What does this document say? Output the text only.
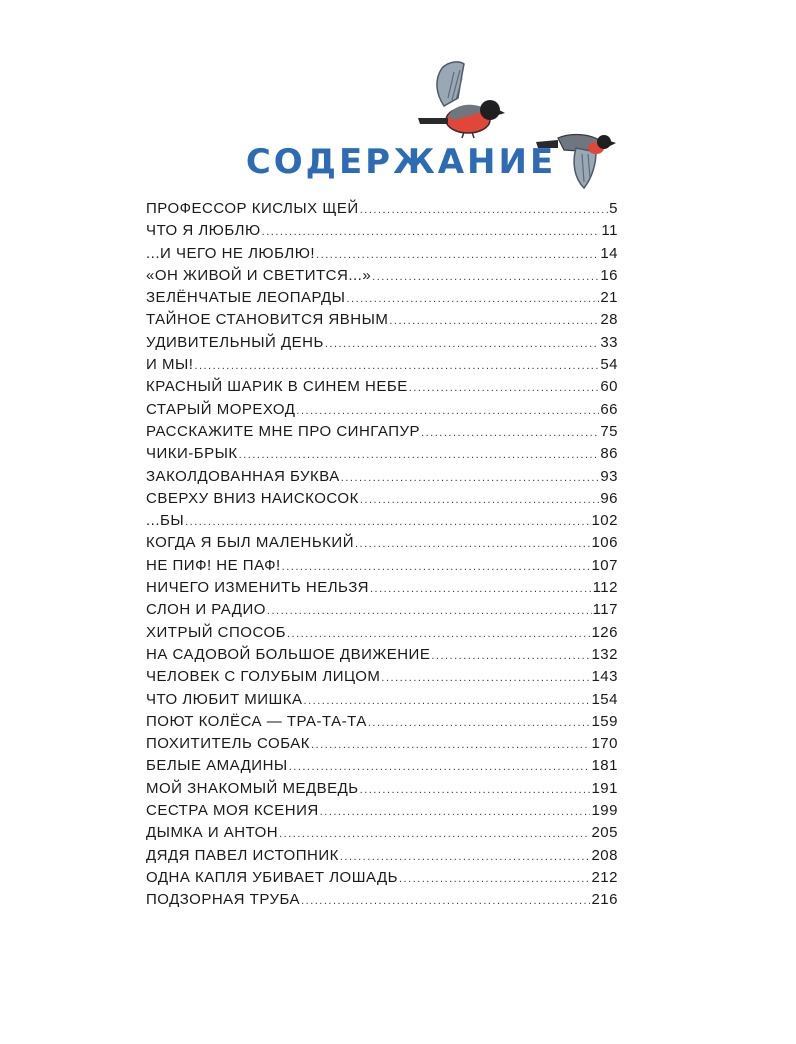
СОДЕРЖАНИЕ
ПРОФЕССОР КИСЛЫХ ЩЕЙ .....	5
ЧТО Я ЛЮБЛЮ .....	11
...И ЧЕГО НЕ ЛЮБЛЮ! .....	14
«ОН ЖИВОЙ И СВЕТИТСЯ...» .....	16
ЗЕЛЁНЧАТЫЕ ЛЕОПАРДЫ .....	21
ТАЙНОЕ СТАНОВИТСЯ ЯВНЫМ .....	28
УДИВИТЕЛЬНЫЙ ДЕНЬ .....	33
И МЫ! .....	54
КРАСНЫЙ ШАРИК В СИНЕМ НЕБЕ .....	60
СТАРЫЙ МОРЕХОД .....	66
РАССКАЖИТЕ МНЕ ПРО СИНГАПУР .....	75
ЧИКИ-БРЫК .....	86
ЗАКОЛДОВАННАЯ БУКВА .....	93
СВЕРХУ ВНИЗ НАИСКОСОК .....	96
...БЫ .....	102
КОГДА Я БЫЛ МАЛЕНЬКИЙ .....	106
НЕ ПИФ! НЕ ПАФ! .....	107
НИЧЕГО ИЗМЕНИТЬ НЕЛЬЗЯ .....	112
СЛОН И РАДИО .....	117
ХИТРЫЙ СПОСОБ .....	126
НА САДОВОЙ БОЛЬШОЕ ДВИЖЕНИЕ .....	132
ЧЕЛОВЕК С ГОЛУБЫМ ЛИЦОМ .....	143
ЧТО ЛЮБИТ МИШКА .....	154
ПОЮТ КОЛЁСА — ТРА-ТА-ТА .....	159
ПОХИТИТЕЛЬ СОБАК .....	170
БЕЛЫЕ АМАДИНЫ .....	181
МОЙ ЗНАКОМЫЙ МЕДВЕДЬ .....	191
СЕСТРА МОЯ КСЕНИЯ .....	199
ДЫМКА И АНТОН .....	205
ДЯДЯ ПАВЕЛ ИСТОПНИК .....	208
ОДНА КАПЛЯ УБИВАЕТ ЛОШАДЬ .....	212
ПОДЗОРНАЯ ТРУБА .....	216
